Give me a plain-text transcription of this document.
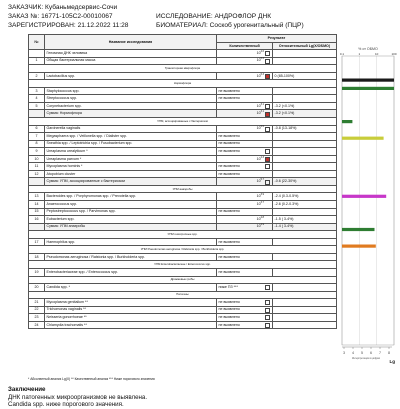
ЗАКАЗЧИК: Кубаньмедсервис-Сочи
ЗАКАЗ №: 16771-105С2-00010067	ИССЛЕДОВАНИЕ: АНДРОФЛОР ДНК
ЗАРЕГИСТРИРОВАН: 21.12.2022 11:28	БИОМАТЕРИАЛ: Соскоб урогенитальный (ПЦР)
№	Название исследования	Результат	
		Количественный	Относительный Lg(Х/ОБМО)
	Геномная ДНК человека	$10^{4.6}$

1	Общая бактериальная масса	$10^{6.3}$

Транзиторная микрофлора			
2	Lactobacillus spp.	$10^{6.3}$	0 (85-100%)
Нормофлора			
3	Staphylococcus spp.	не выявлено	
4	Streptococcus spp.	не выявлено	
5	Corynebacterium spp.	$10^{3.1}$	-3.2 (<0.1%)
	Сумма: Нормофлора	$10^{3.1}$	-3.2 (<0.1%)
УПМ, ассоциированные с бактериозом			
6	Gardnerella vaginalis	$10^{5.5}$	-0.8 (13-18%)
7	Megasphaera spp. / Veillonella spp. / Dialister spp.	не выявлено	
8	Sneathia spp. / Leptotrichia spp. / Fusobacterium spp.	не выявлено	
9	Ureaplasma urealyticum *	не выявлено

10	Ureaplasma parvum *	$10^{4.3}$

11	Mycoplasma hominis *	не выявлено

12	Atopobium cluster	не выявлено	
	Сумма: УПМ, ассоциированные с бактериозом	$10^{5.7}$	-0.6 (22-30%)
УПМ анаэробы			
13	Bacteroides spp. / Porphyromonas spp. / Prevotella spp.	$10^{3.9}$	-2.4 (0.3-0.5%)
14	Anaerococcus spp.	$10^{3.7}$	-2.6 (0.2-0.3%)
15	Peptostreptococcus spp. / Parvimonas spp.	не выявлено	
16	Eubacterium spp.	$10^{4.8}$	-1.5 ( 3-4%)
	Сумма: УПМ анаэробы	$10^{4.9}$	-1.4 ( 3-4%)
УПМ гемотропные spp.			
17	Haemophilus spp.	не выявлено	
УПМ Pseudomonas aeruginosa / Ralstonia spp. / Burkholderia spp.			
18	Pseudomonas aeruginosa / Ralstonia spp. / Burkholderia spp.	не выявлено	
УПМ Enterobacteriaceae / Enterococcus spp.			
19	Enterobacteriaceae spp. / Enterococcus spp.	не выявлено	
Дрожжевые грибы			
20	Candida spp. *	ниже ПЗ ***

Патогены			
21	Mycoplasma genitalium **	не выявлено

22	Trichomonas vaginalis **	не выявлено

23	Neisseria gonorrhoeae **	не выявлено

24	Chlamydia trachomatis **	не выявлено

% от ОБМО
0.1	1	10	100
3 4 5 6 7 8
Lg
Интерпретация в цифрах
* Абсолютный анализ Lg(Х) ** Качественный анализ *** Ниже порогового значения
Заключение
ДНК патогенных микроорганизмов не выявлена.
Candida spp. ниже порогового значения.
